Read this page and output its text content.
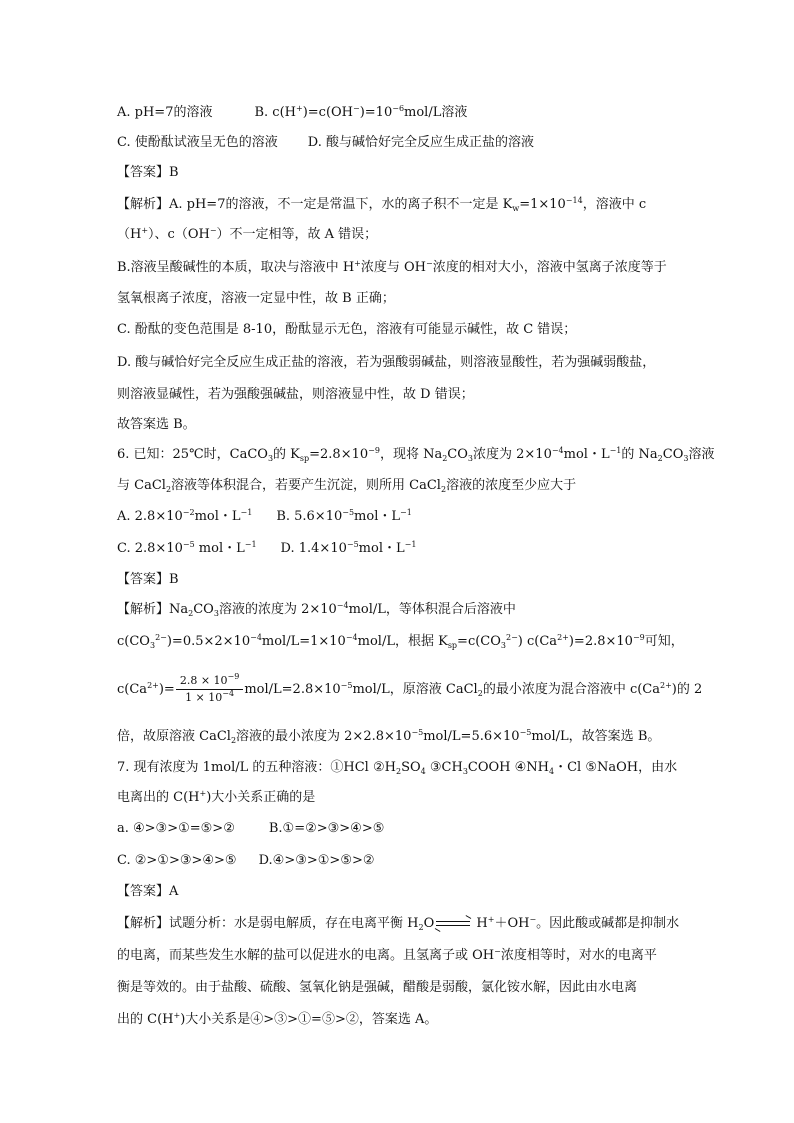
A. pH=7的溶液	B. $c(H^+)=c(OH^-)=10^{-6}mol/L$溶液
C. 使酚酞试液呈无色的溶液 D. 酸与碱恰好完全反应生成正盐的溶液
【答案】B
【解析】A. pH=7的溶液，不一定是常温下，水的离子积不一定是 $K_w=1\times 10^{-14}$，溶液中 c
（H+）、c（OH−）不一定相等，故 A 错误；
B.溶液呈酸碱性的本质，取决与溶液中 H+浓度与 OH−浓度的相对大小，溶液中氢离子浓度等于
氢氧根离子浓度，溶液一定显中性，故 B 正确；
C. 酚酞的变色范围是 8-10，酚酞显示无色，溶液有可能显示碱性，故 C 错误；
D. 酸与碱恰好完全反应生成正盐的溶液，若为强酸弱碱盐，则溶液显酸性，若为强碱弱酸盐，
则溶液显碱性，若为强酸强碱盐，则溶液显中性，故 D 错误；
故答案选 B。
6. 已知：25℃时，CaCO$_3$的 $K_{sp}=2.8\times 10^{-9}$，现将 $Na_2CO_3$浓度为 $2\times 10^{-4}mol$・$L^{-1}$的 $Na_2CO_3$溶液
与 CaCl$_2$溶液等体积混合，若要产生沉淀，则所用 CaCl$_2$溶液的浓度至少应大于
A. $2.8\times 10^{-2}mol$・$L^{-1}$ B. $5.6\times 10^{-5}mol$・$L^{-1}$
C. $2.8\times 10^{-5}$ mol・$L^{-1}$ D. $1.4\times 10^{-5}mol$・$L^{-1}$
【答案】B
【解析】$Na_2CO_3$溶液的浓度为 $2\times 10^{-4}mol/L$，等体积混合后溶液中
$c(CO_3^{2-})=0.5\times 2\times 10^{-4}mol/L=1\times 10^{-4}mol/L$，根据 $K_{sp}=c(CO_3^{2-})$ $c(Ca^{2+})=2.8\times 10^{-9}$可知，
$c(Ca^{2+})= \frac{2.8 \times 10^{-9}}{1 \times 10^{-4}} mol/L=2.8\times 10^{-5}mol/L$，原溶液 CaCl$_2$的最小浓度为混合溶液中 $c(Ca^{2+})$的 2
倍，故原溶液 CaCl$_2$溶液的最小浓度为 $2\times 2.8\times 10^{-5}mol/L=5.6\times 10^{-5}mol/L$，故答案选 B。
7. 现有浓度为 1mol/L 的五种溶液：①HCl $②H_2SO_4$ $③CH_3COOH$ $④NH_4$・Cl ⑤NaOH，由水
电离出的 C(H+)大小关系正确的是
a. ④>③>①=⑤>②	B.①=②>③>④>⑤
C. ②>①>③>④>⑤ D.④>③>①>⑤>②
【答案】A
【解析】试题分析：水是弱电解质，存在电离平衡 $H_2O$ ⇌ H+＋OH−。因此酸或碱都是抑制水
的电离，而某些发生水解的盐可以促进水的电离。且氢离子或 OH−浓度相等时，对水的电离平
衡是等效的。由于盐酸、硫酸、氢氧化钠是强碱，醋酸是弱酸，氯化铵水解，因此由水电离
出的 C(H+)大小关系是④>③>①=⑤>②，答案选 A。
